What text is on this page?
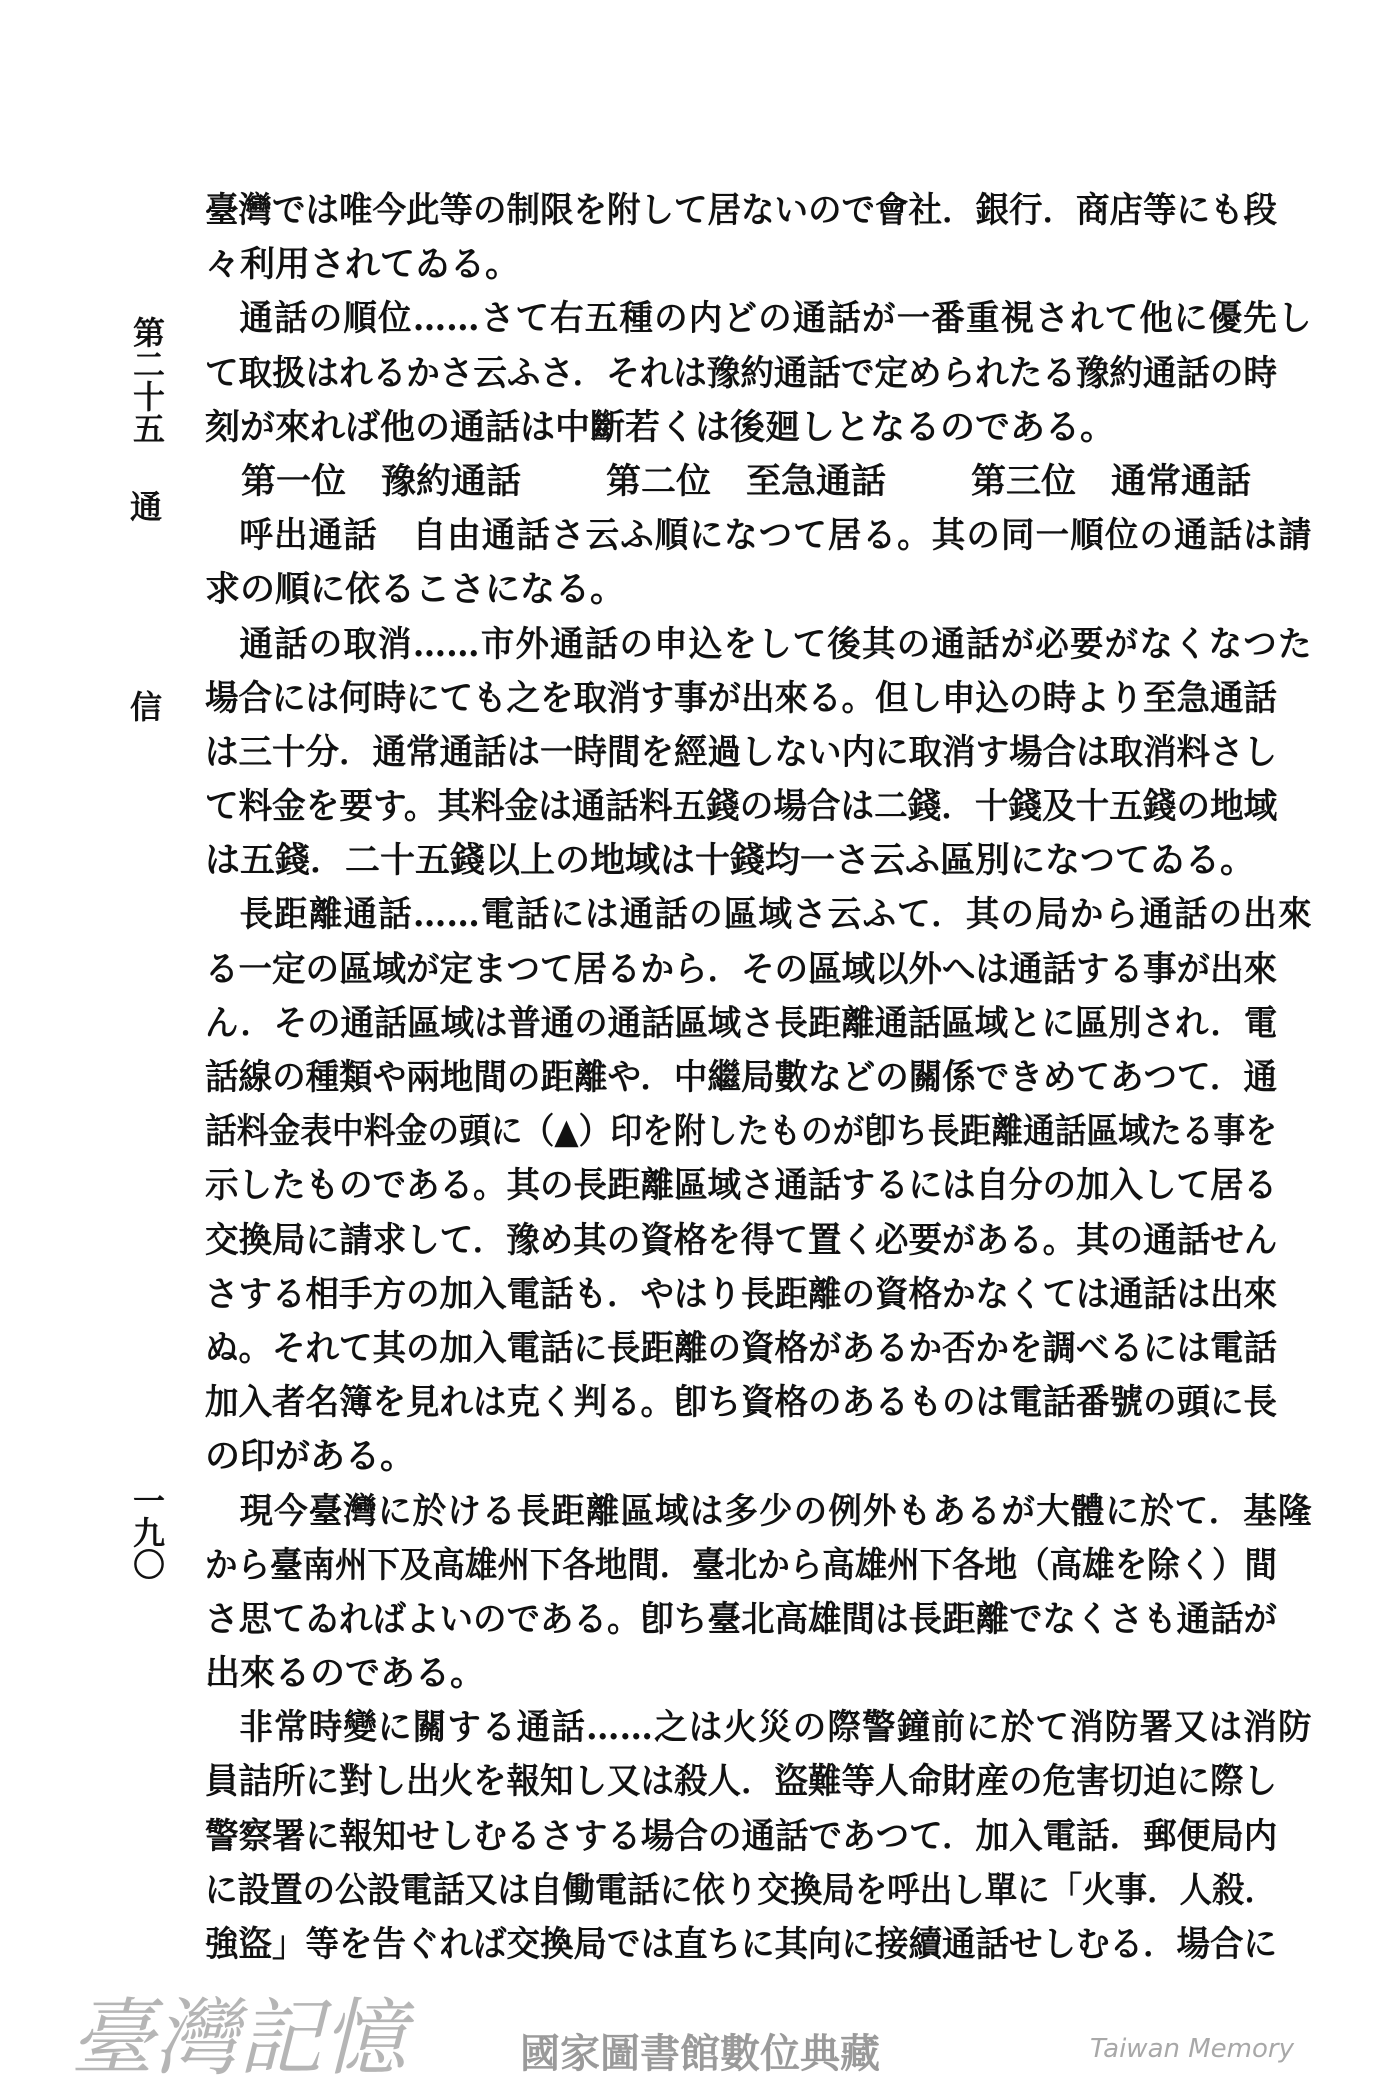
第二十五
通
信
一九〇
臺灣では唯今此等の制限を附して居ないので會社．銀行．商店等にも段
々利用されてゐる。
通話の順位……さて右五種の内どの通話が一番重視されて他に優先し
て取扱はれるかさ云ふさ．それは豫約通話で定められたる豫約通話の時
刻が來れば他の通話は中斷若くは後廻しとなるのである。
第一位　豫約通話	第二位　至急通話	第三位　通常通話
呼出通話　自由通話さ云ふ順になつて居る。其の同一順位の通話は請
求の順に依るこさになる。
通話の取消……市外通話の申込をして後其の通話が必要がなくなつた
場合には何時にても之を取消す事が出來る。但し申込の時より至急通話
は三十分．通常通話は一時間を經過しない内に取消す場合は取消料さし
て料金を要す。其料金は通話料五錢の場合は二錢．十錢及十五錢の地域
は五錢．二十五錢以上の地域は十錢均一さ云ふ區別になつてゐる。
長距離通話……電話には通話の區域さ云ふて．其の局から通話の出來
る一定の區域が定まつて居るから．その區域以外へは通話する事が出來
ん．その通話區域は普通の通話區域さ長距離通話區域とに區別され．電
話線の種類や兩地間の距離や．中繼局數などの關係できめてあつて．通
話料金表中料金の頭に（▲）印を附したものが卽ち長距離通話區域たる事を
示したものである。其の長距離區域さ通話するには自分の加入して居る
交換局に請求して．豫め其の資格を得て置く必要がある。其の通話せん
さする相手方の加入電話も．やはり長距離の資格かなくては通話は出來
ぬ。それて其の加入電話に長距離の資格があるか否かを調べるには電話
加入者名簿を見れは克く判る。卽ち資格のあるものは電話番號の頭に長
の印がある。
現今臺灣に於ける長距離區域は多少の例外もあるが大體に於て．基隆
から臺南州下及高雄州下各地間．臺北から高雄州下各地（高雄を除く）間
さ思てゐればよいのである。卽ち臺北高雄間は長距離でなくさも通話が
出來るのである。
非常時變に關する通話……之は火災の際警鐘前に於て消防署又は消防
員詰所に對し出火を報知し又は殺人．盜難等人命財産の危害切迫に際し
警察署に報知せしむるさする場合の通話であつて．加入電話．郵便局内
に設置の公設電話又は自働電話に依り交換局を呼出し單に「火事．人殺．
強盜」等を告ぐれば交換局では直ちに其向に接續通話せしむる．場合に
臺灣記憶	Taiwan Memory
國家圖書館數位典藏
